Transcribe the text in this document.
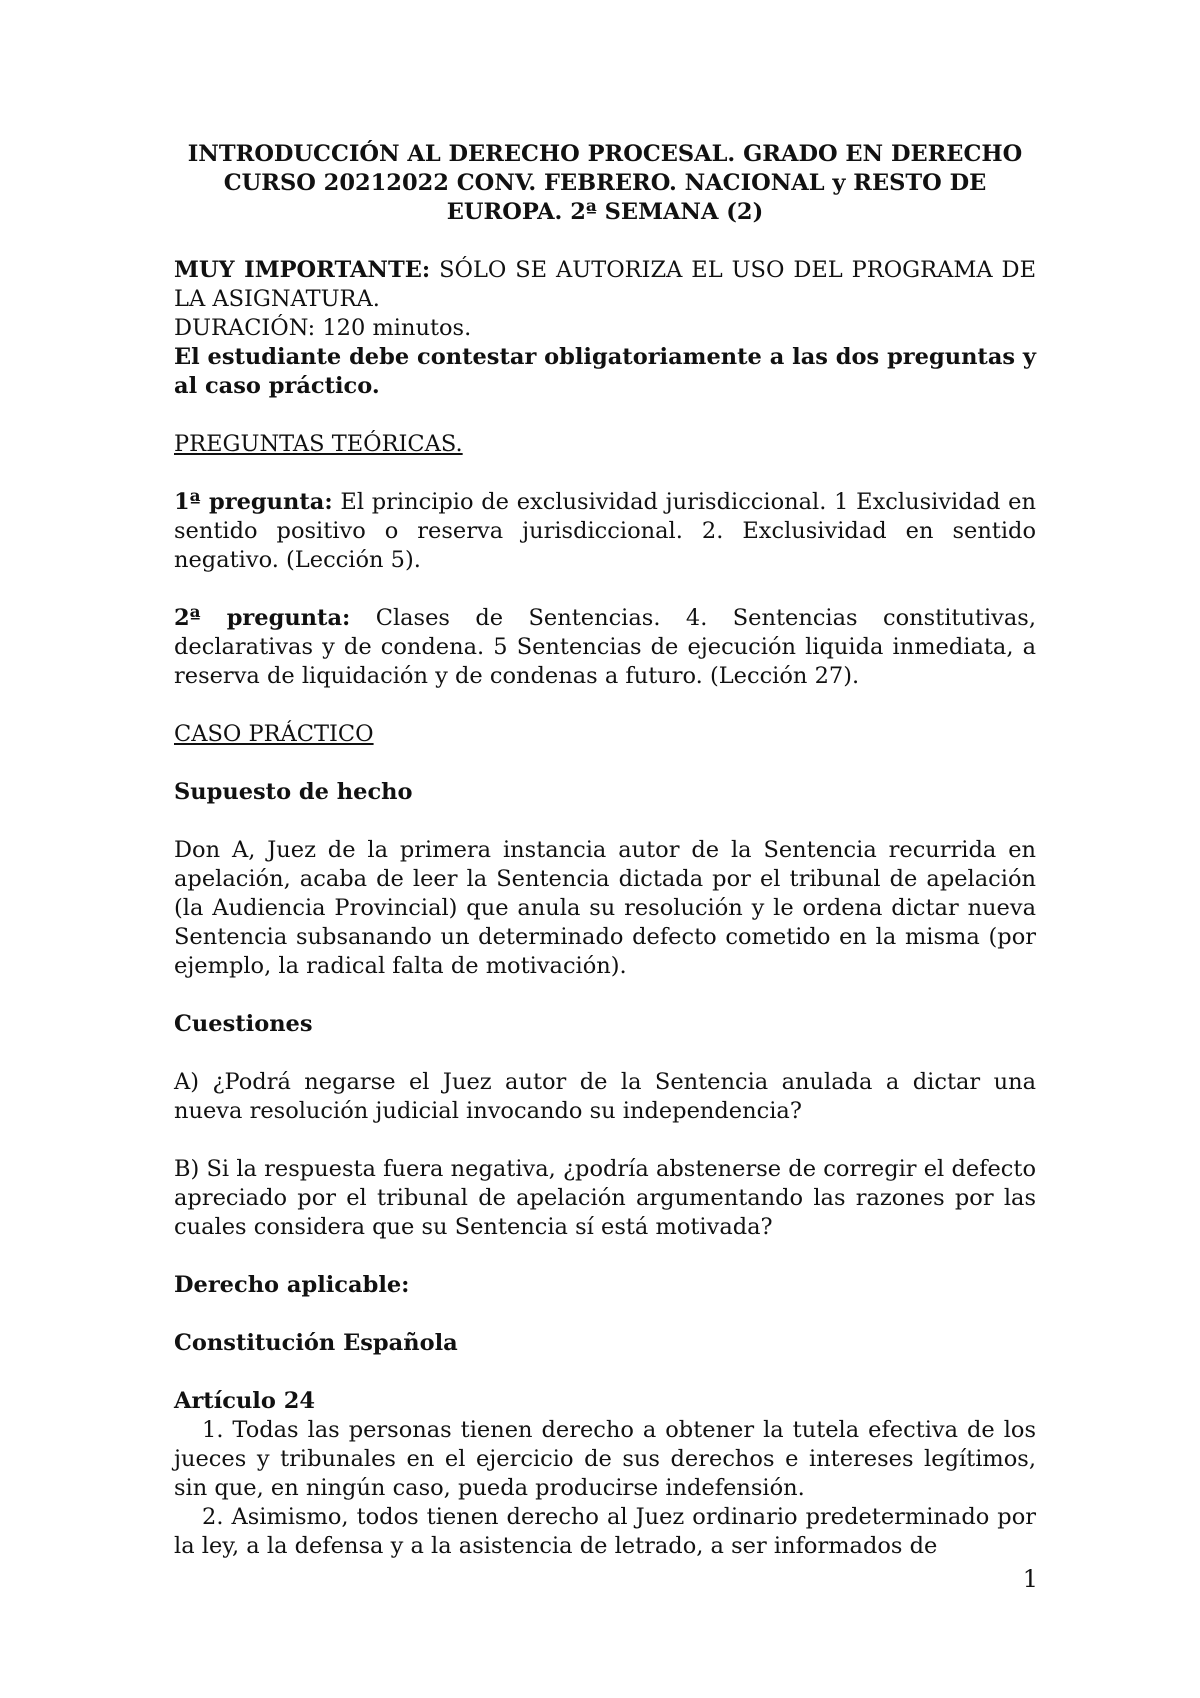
INTRODUCCIÓN AL DERECHO PROCESAL. GRADO EN DERECHO

CURSO 20212022 CONV. FEBRERO. NACIONAL y RESTO DE

EUROPA. 2ª SEMANA (2)

MUY IMPORTANTE: SÓLO SE AUTORIZA EL USO DEL PROGRAMA DE LA ASIGNATURA.

DURACIÓN: 120 minutos.

El estudiante debe contestar obligatoriamente a las dos preguntas y al caso práctico.

PREGUNTAS TEÓRICAS.

1ª pregunta: El principio de exclusividad jurisdiccional. 1 Exclusividad en sentido positivo o reserva jurisdiccional. 2. Exclusividad en sentido negativo. (Lección 5).

2ª pregunta: Clases de Sentencias. 4. Sentencias constitutivas, declarativas y de condena. 5 Sentencias de ejecución liquida inmediata, a reserva de liquidación y de condenas a futuro. (Lección 27).

CASO PRÁCTICO

Supuesto de hecho

Don A, Juez de la primera instancia autor de la Sentencia recurrida en apelación, acaba de leer la Sentencia dictada por el tribunal de apelación (la Audiencia Provincial) que anula su resolución y le ordena dictar nueva Sentencia subsanando un determinado defecto cometido en la misma (por ejemplo, la radical falta de motivación).

Cuestiones

A) ¿Podrá negarse el Juez autor de la Sentencia anulada a dictar una nueva resolución judicial invocando su independencia?

B) Si la respuesta fuera negativa, ¿podría abstenerse de corregir el defecto apreciado por el tribunal de apelación argumentando las razones por las cuales considera que su Sentencia sí está motivada?

Derecho aplicable:

Constitución Española

Artículo 24

1. Todas las personas tienen derecho a obtener la tutela efectiva de los jueces y tribunales en el ejercicio de sus derechos e intereses legítimos, sin que, en ningún caso, pueda producirse indefensión.

2. Asimismo, todos tienen derecho al Juez ordinario predeterminado por la ley, a la defensa y a la asistencia de letrado, a ser informados de

1
